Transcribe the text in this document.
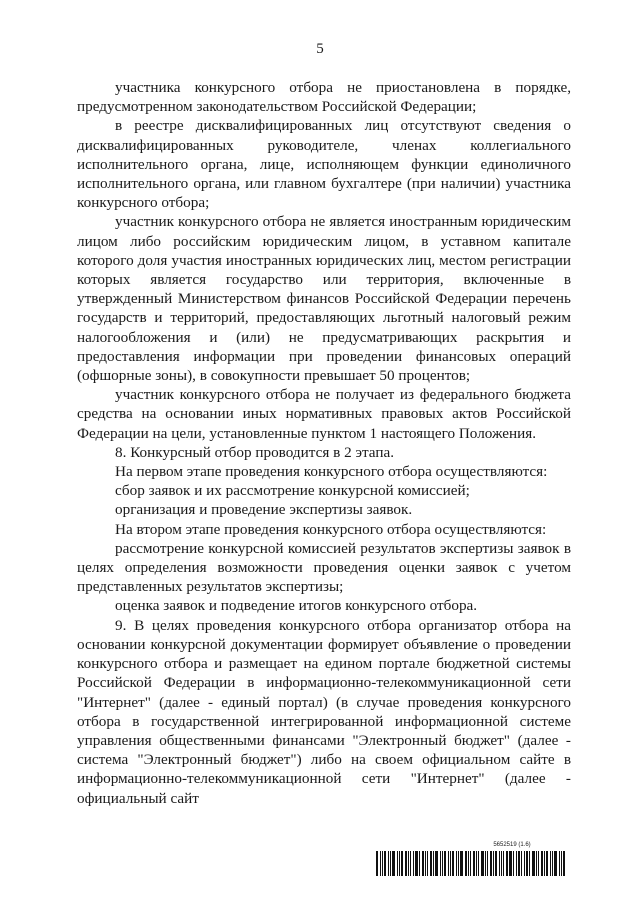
5

участника конкурсного отбора не приостановлена в порядке, предусмотренном законодательством Российской Федерации;

в реестре дисквалифицированных лиц отсутствуют сведения о дисквалифицированных руководителе, членах коллегиального исполнительного органа, лице, исполняющем функции единоличного исполнительного органа, или главном бухгалтере (при наличии) участника конкурсного отбора;

участник конкурсного отбора не является иностранным юридическим лицом либо российским юридическим лицом, в уставном капитале которого доля участия иностранных юридических лиц, местом регистрации которых является государство или территория, включенные в утвержденный Министерством финансов Российской Федерации перечень государств и территорий, предоставляющих льготный налоговый режим налогообложения и (или) не предусматривающих раскрытия и предоставления информации при проведении финансовых операций (офшорные зоны), в совокупности превышает 50 процентов;

участник конкурсного отбора не получает из федерального бюджета средства на основании иных нормативных правовых актов Российской Федерации на цели, установленные пунктом 1 настоящего Положения.

8. Конкурсный отбор проводится в 2 этапа.

На первом этапе проведения конкурсного отбора осуществляются:

сбор заявок и их рассмотрение конкурсной комиссией;

организация и проведение экспертизы заявок.

На втором этапе проведения конкурсного отбора осуществляются:

рассмотрение конкурсной комиссией результатов экспертизы заявок в целях определения возможности проведения оценки заявок с учетом представленных результатов экспертизы;

оценка заявок и подведение итогов конкурсного отбора.

9. В целях проведения конкурсного отбора организатор отбора на основании конкурсной документации формирует объявление о проведении конкурсного отбора и размещает на едином портале бюджетной системы Российской Федерации в информационно-телекоммуникационной сети "Интернет" (далее - единый портал) (в случае проведения конкурсного отбора в государственной интегрированной информационной системе управления общественными финансами "Электронный бюджет" (далее - система "Электронный бюджет") либо на своем официальном сайте в информационно-телекоммуникационной сети "Интернет" (далее - официальный сайт

5652519 (1.6)
